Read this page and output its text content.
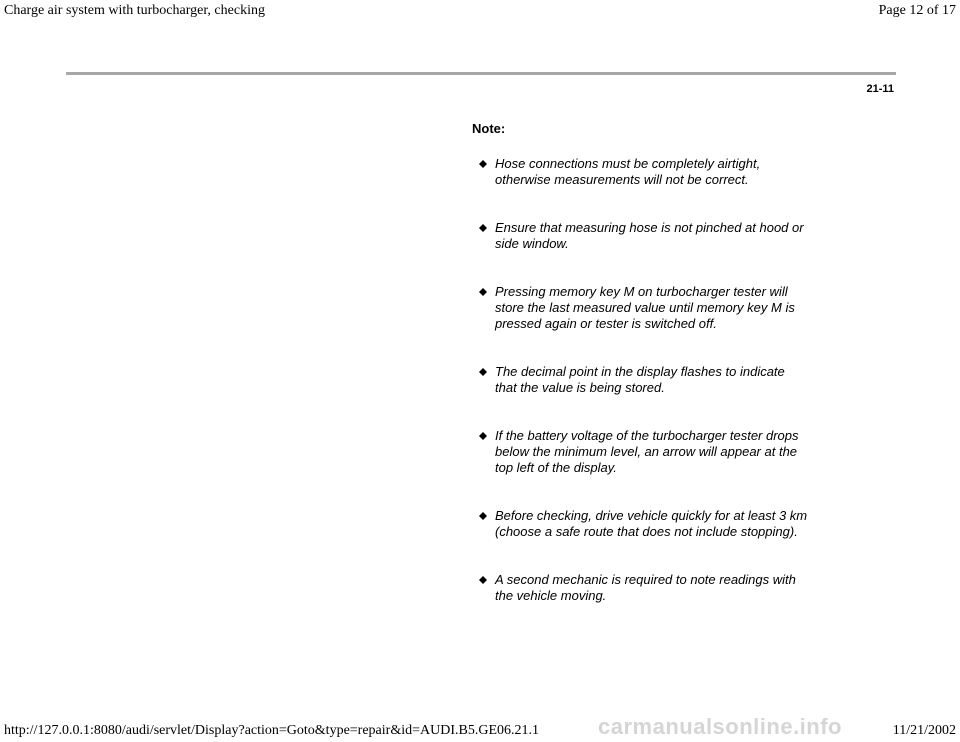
Charge air system with turbocharger, checking	Page 12 of 17
21-11
Note:
Hose connections must be completely airtight, otherwise measurements will not be correct.
Ensure that measuring hose is not pinched at hood or side window.
Pressing memory key M on turbocharger tester will store the last measured value until memory key M is pressed again or tester is switched off.
The decimal point in the display flashes to indicate that the value is being stored.
If the battery voltage of the turbocharger tester drops below the minimum level, an arrow will appear at the top left of the display.
Before checking, drive vehicle quickly for at least 3 km (choose a safe route that does not include stopping).
A second mechanic is required to note readings with the vehicle moving.
carmanualsonline.info
http://127.0.0.1:8080/audi/servlet/Display?action=Goto&type=repair&id=AUDI.B5.GE06.21.1	11/21/2002
